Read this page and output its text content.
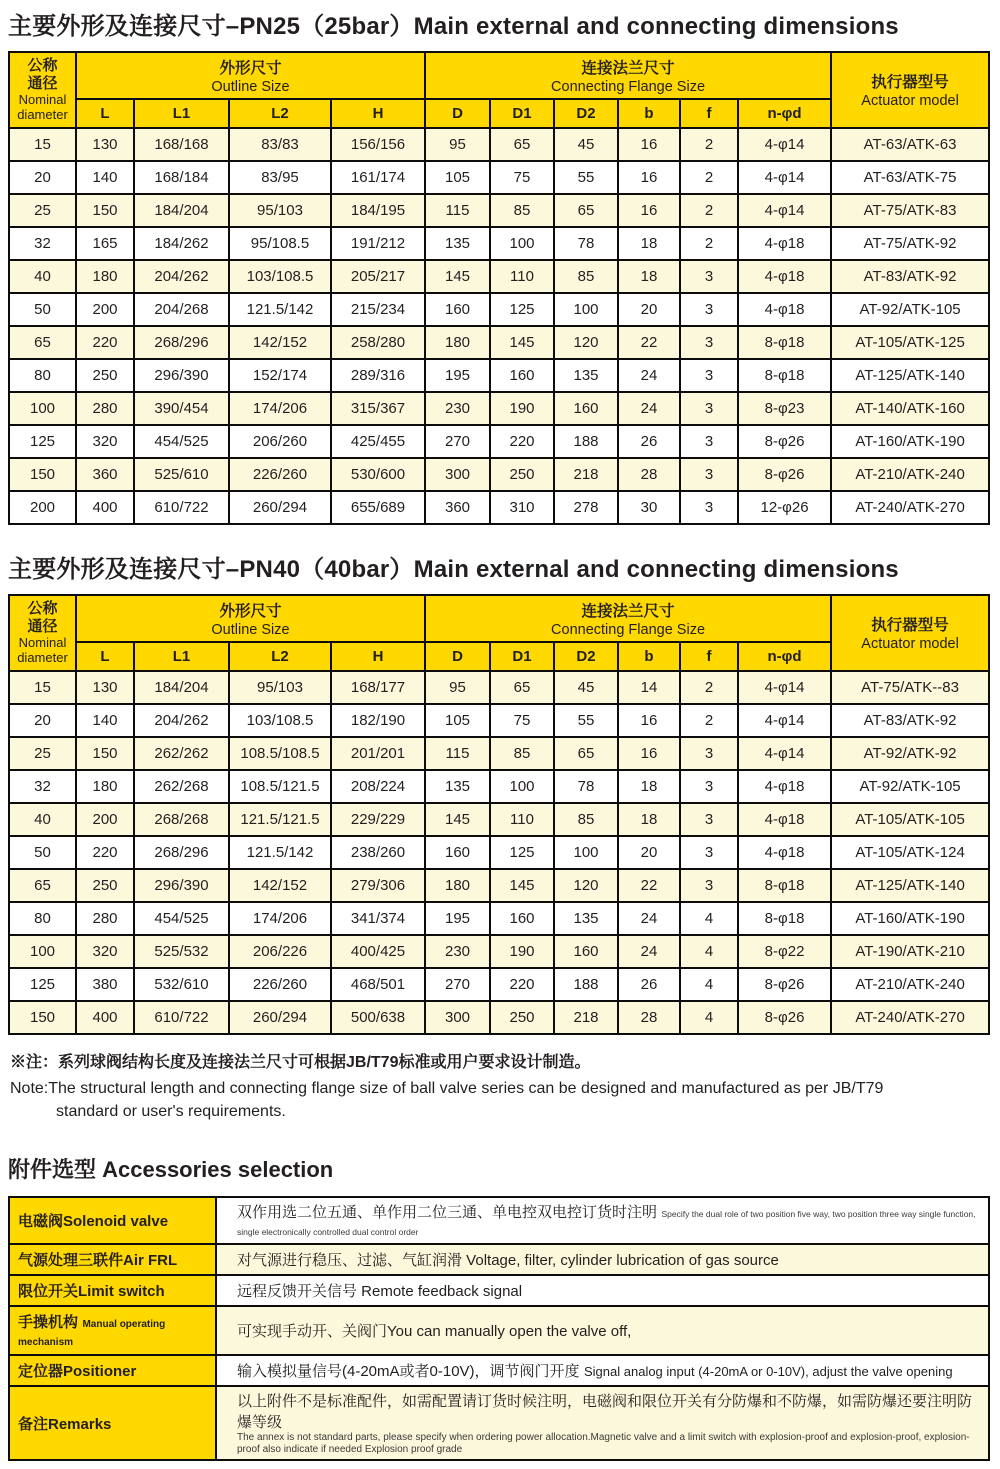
主要外形及连接尺寸–PN25（25bar）Main external and connecting dimensions
公称
通径
Nominal
diameter	外形尺寸
Outline Size				连接法兰尺寸
Connecting Flange Size						执行器型号
Actuator model
	L	L1	L2	H	D	D1	D2	b	f	n-φd	
15	130	168/168	83/83	156/156	95	65	45	16	2	4-φ14	AT-63/ATK-63
20	140	168/184	83/95	161/174	105	75	55	16	2	4-φ14	AT-63/ATK-75
25	150	184/204	95/103	184/195	115	85	65	16	2	4-φ14	AT-75/ATK-83
32	165	184/262	95/108.5	191/212	135	100	78	18	2	4-φ18	AT-75/ATK-92
40	180	204/262	103/108.5	205/217	145	110	85	18	3	4-φ18	AT-83/ATK-92
50	200	204/268	121.5/142	215/234	160	125	100	20	3	4-φ18	AT-92/ATK-105
65	220	268/296	142/152	258/280	180	145	120	22	3	8-φ18	AT-105/ATK-125
80	250	296/390	152/174	289/316	195	160	135	24	3	8-φ18	AT-125/ATK-140
100	280	390/454	174/206	315/367	230	190	160	24	3	8-φ23	AT-140/ATK-160
125	320	454/525	206/260	425/455	270	220	188	26	3	8-φ26	AT-160/ATK-190
150	360	525/610	226/260	530/600	300	250	218	28	3	8-φ26	AT-210/ATK-240
200	400	610/722	260/294	655/689	360	310	278	30	3	12-φ26	AT-240/ATK-270
主要外形及连接尺寸–PN40（40bar）Main external and connecting dimensions
公称
通径
Nominal
diameter	外形尺寸
Outline Size				连接法兰尺寸
Connecting Flange Size						执行器型号
Actuator model
	L	L1	L2	H	D	D1	D2	b	f	n-φd	
15	130	184/204	95/103	168/177	95	65	45	14	2	4-φ14	AT-75/ATK--83
20	140	204/262	103/108.5	182/190	105	75	55	16	2	4-φ14	AT-83/ATK-92
25	150	262/262	108.5/108.5	201/201	115	85	65	16	3	4-φ14	AT-92/ATK-92
32	180	262/268	108.5/121.5	208/224	135	100	78	18	3	4-φ18	AT-92/ATK-105
40	200	268/268	121.5/121.5	229/229	145	110	85	18	3	4-φ18	AT-105/ATK-105
50	220	268/296	121.5/142	238/260	160	125	100	20	3	4-φ18	AT-105/ATK-124
65	250	296/390	142/152	279/306	180	145	120	22	3	8-φ18	AT-125/ATK-140
80	280	454/525	174/206	341/374	195	160	135	24	4	8-φ18	AT-160/ATK-190
100	320	525/532	206/226	400/425	230	190	160	24	4	8-φ22	AT-190/ATK-210
125	380	532/610	226/260	468/501	270	220	188	26	4	8-φ26	AT-210/ATK-240
150	400	610/722	260/294	500/638	300	250	218	28	4	8-φ26	AT-240/ATK-270
※注：系列球阀结构长度及连接法兰尺寸可根据JB/T79标准或用户要求设计制造。
Note:The structural length and connecting flange size of ball valve series can be designed and manufactured as per JB/T79
standard or user's requirements.
附件选型 Accessories selection
电磁阀Solenoid valve	双作用选二位五通、单作用二位三通、单电控双电控订货时注明 Specify the dual role of two position five way, two position three way single function, single electronically controlled dual control order
气源处理三联件Air FRL	对气源进行稳压、过滤、气缸润滑 Voltage, filter, cylinder lubrication of gas source
限位开关Limit switch	远程反馈开关信号 Remote feedback signal
手操机构 Manual operating mechanism	可实现手动开、关阀门You can manually open the valve off,
定位器Positioner	输入模拟量信号(4-20mA或者0-10V)，调节阀门开度 Signal analog input (4-20mA or 0-10V), adjust the valve opening
备注Remarks	以上附件不是标准配件，如需配置请订货时候注明，电磁阀和限位开关有分防爆和不防爆，如需防爆还要注明防爆等级
The annex is not standard parts, please specify when ordering power allocation.Magnetic valve and a limit switch with explosion-proof and explosion-proof, explosion-proof also indicate if needed Explosion proof grade
